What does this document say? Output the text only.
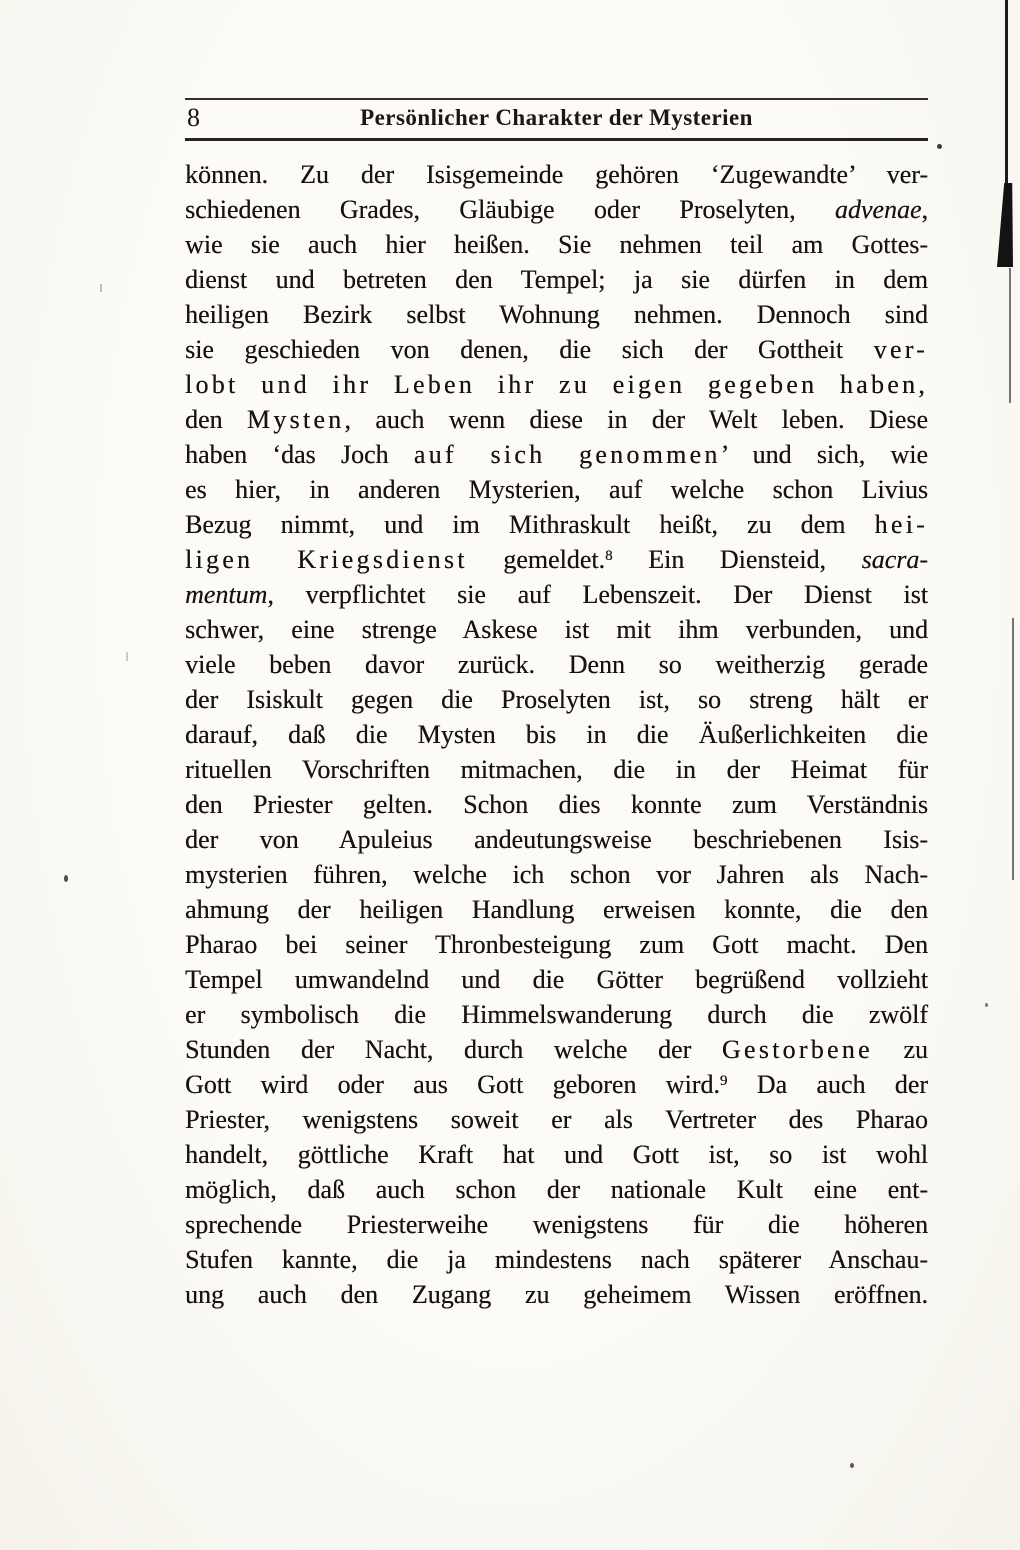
8	Persönlicher Charakter der Mysterien
können. Zu der Isisgemeinde gehören ‘Zugewandte’ ver-
schiedenen Grades, Gläubige oder Proselyten, advenae,
wie sie auch hier heißen. Sie nehmen teil am Gottes-
dienst und betreten den Tempel; ja sie dürfen in dem
heiligen Bezirk selbst Wohnung nehmen. Dennoch sind
sie geschieden von denen, die sich der Gottheit ver-
lobt und ihr Leben ihr zu eigen gegeben haben,
den Mysten, auch wenn diese in der Welt leben. Diese
haben ‘das Joch auf sich genommen’ und sich, wie
es hier, in anderen Mysterien, auf welche schon Livius
Bezug nimmt, und im Mithraskult heißt, zu dem hei-
ligen Kriegsdienst gemeldet.$^8$ Ein Diensteid, sacra-
mentum, verpflichtet sie auf Lebenszeit. Der Dienst ist
schwer, eine strenge Askese ist mit ihm verbunden, und
viele beben davor zurück. Denn so weitherzig gerade
der Isiskult gegen die Proselyten ist, so streng hält er
darauf, daß die Mysten bis in die Äußerlichkeiten die
rituellen Vorschriften mitmachen, die in der Heimat für
den Priester gelten. Schon dies konnte zum Verständnis
der von Apuleius andeutungsweise beschriebenen Isis-
mysterien führen, welche ich schon vor Jahren als Nach-
ahmung der heiligen Handlung erweisen konnte, die den
Pharao bei seiner Thronbesteigung zum Gott macht. Den
Tempel umwandelnd und die Götter begrüßend vollzieht
er symbolisch die Himmelswanderung durch die zwölf
Stunden der Nacht, durch welche der Gestorbene zu
Gott wird oder aus Gott geboren wird.$^9$ Da auch der
Priester, wenigstens soweit er als Vertreter des Pharao
handelt, göttliche Kraft hat und Gott ist, so ist wohl
möglich, daß auch schon der nationale Kult eine ent-
sprechende Priesterweihe wenigstens für die höheren
Stufen kannte, die ja mindestens nach späterer Anschau-
ung auch den Zugang zu geheimem Wissen eröffnen.
